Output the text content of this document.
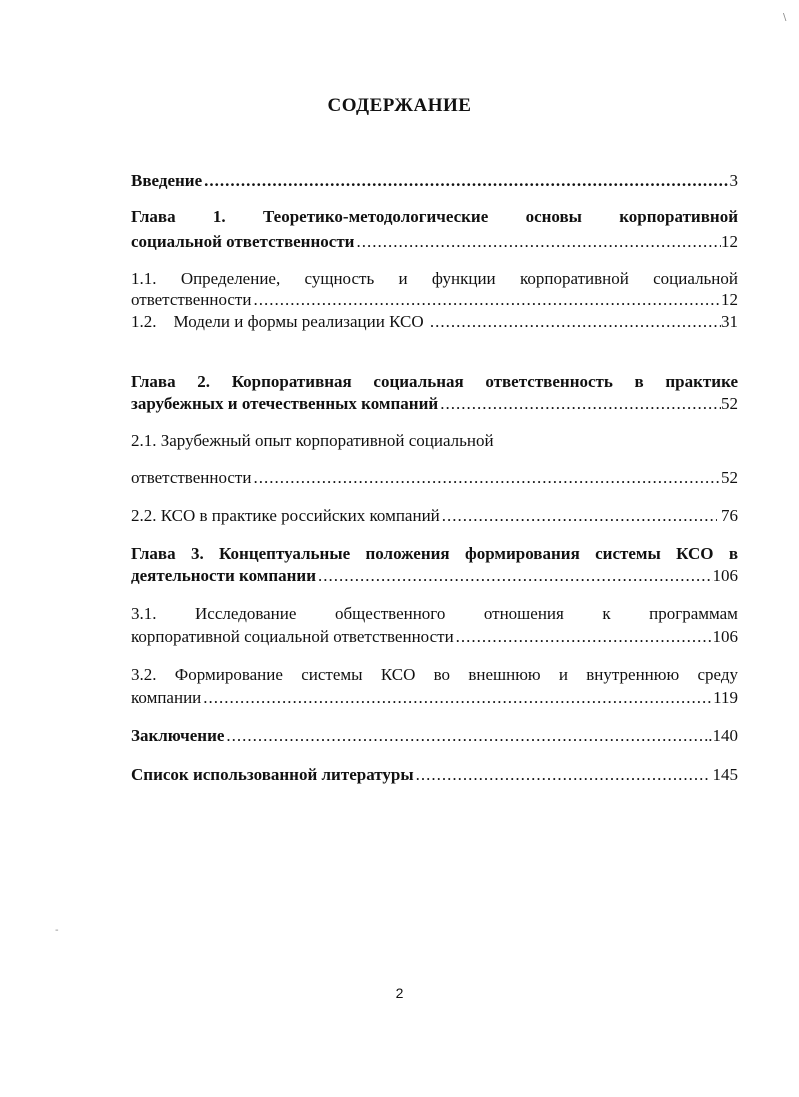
\
-
СОДЕРЖАНИЕ
Введение .....	3
Глава 1. Теоретико-методологические основы корпоративной
социальной ответственности .....	12
1.1. Определение, сущность и функции корпоративной социальной
ответственности .....	12
1.2.    Модели и формы реализации КСО .....	31
Глава 2. Корпоративная социальная ответственность в практике
зарубежных и отечественных компаний .....	52
2.1. Зарубежный опыт корпоративной социальной
ответственности .....	52
2.2. КСО в практике российских компаний .....	76
Глава 3. Концептуальные положения формирования системы КСО в
деятельности компании .....	106
3.1. Исследование общественного отношения к программам
корпоративной социальной ответственности .....	106
3.2. Формирование системы КСО во внешнюю и внутреннюю среду
компании .....	119
Заключение .....	.140
Список использованной литературы .....	145
2
